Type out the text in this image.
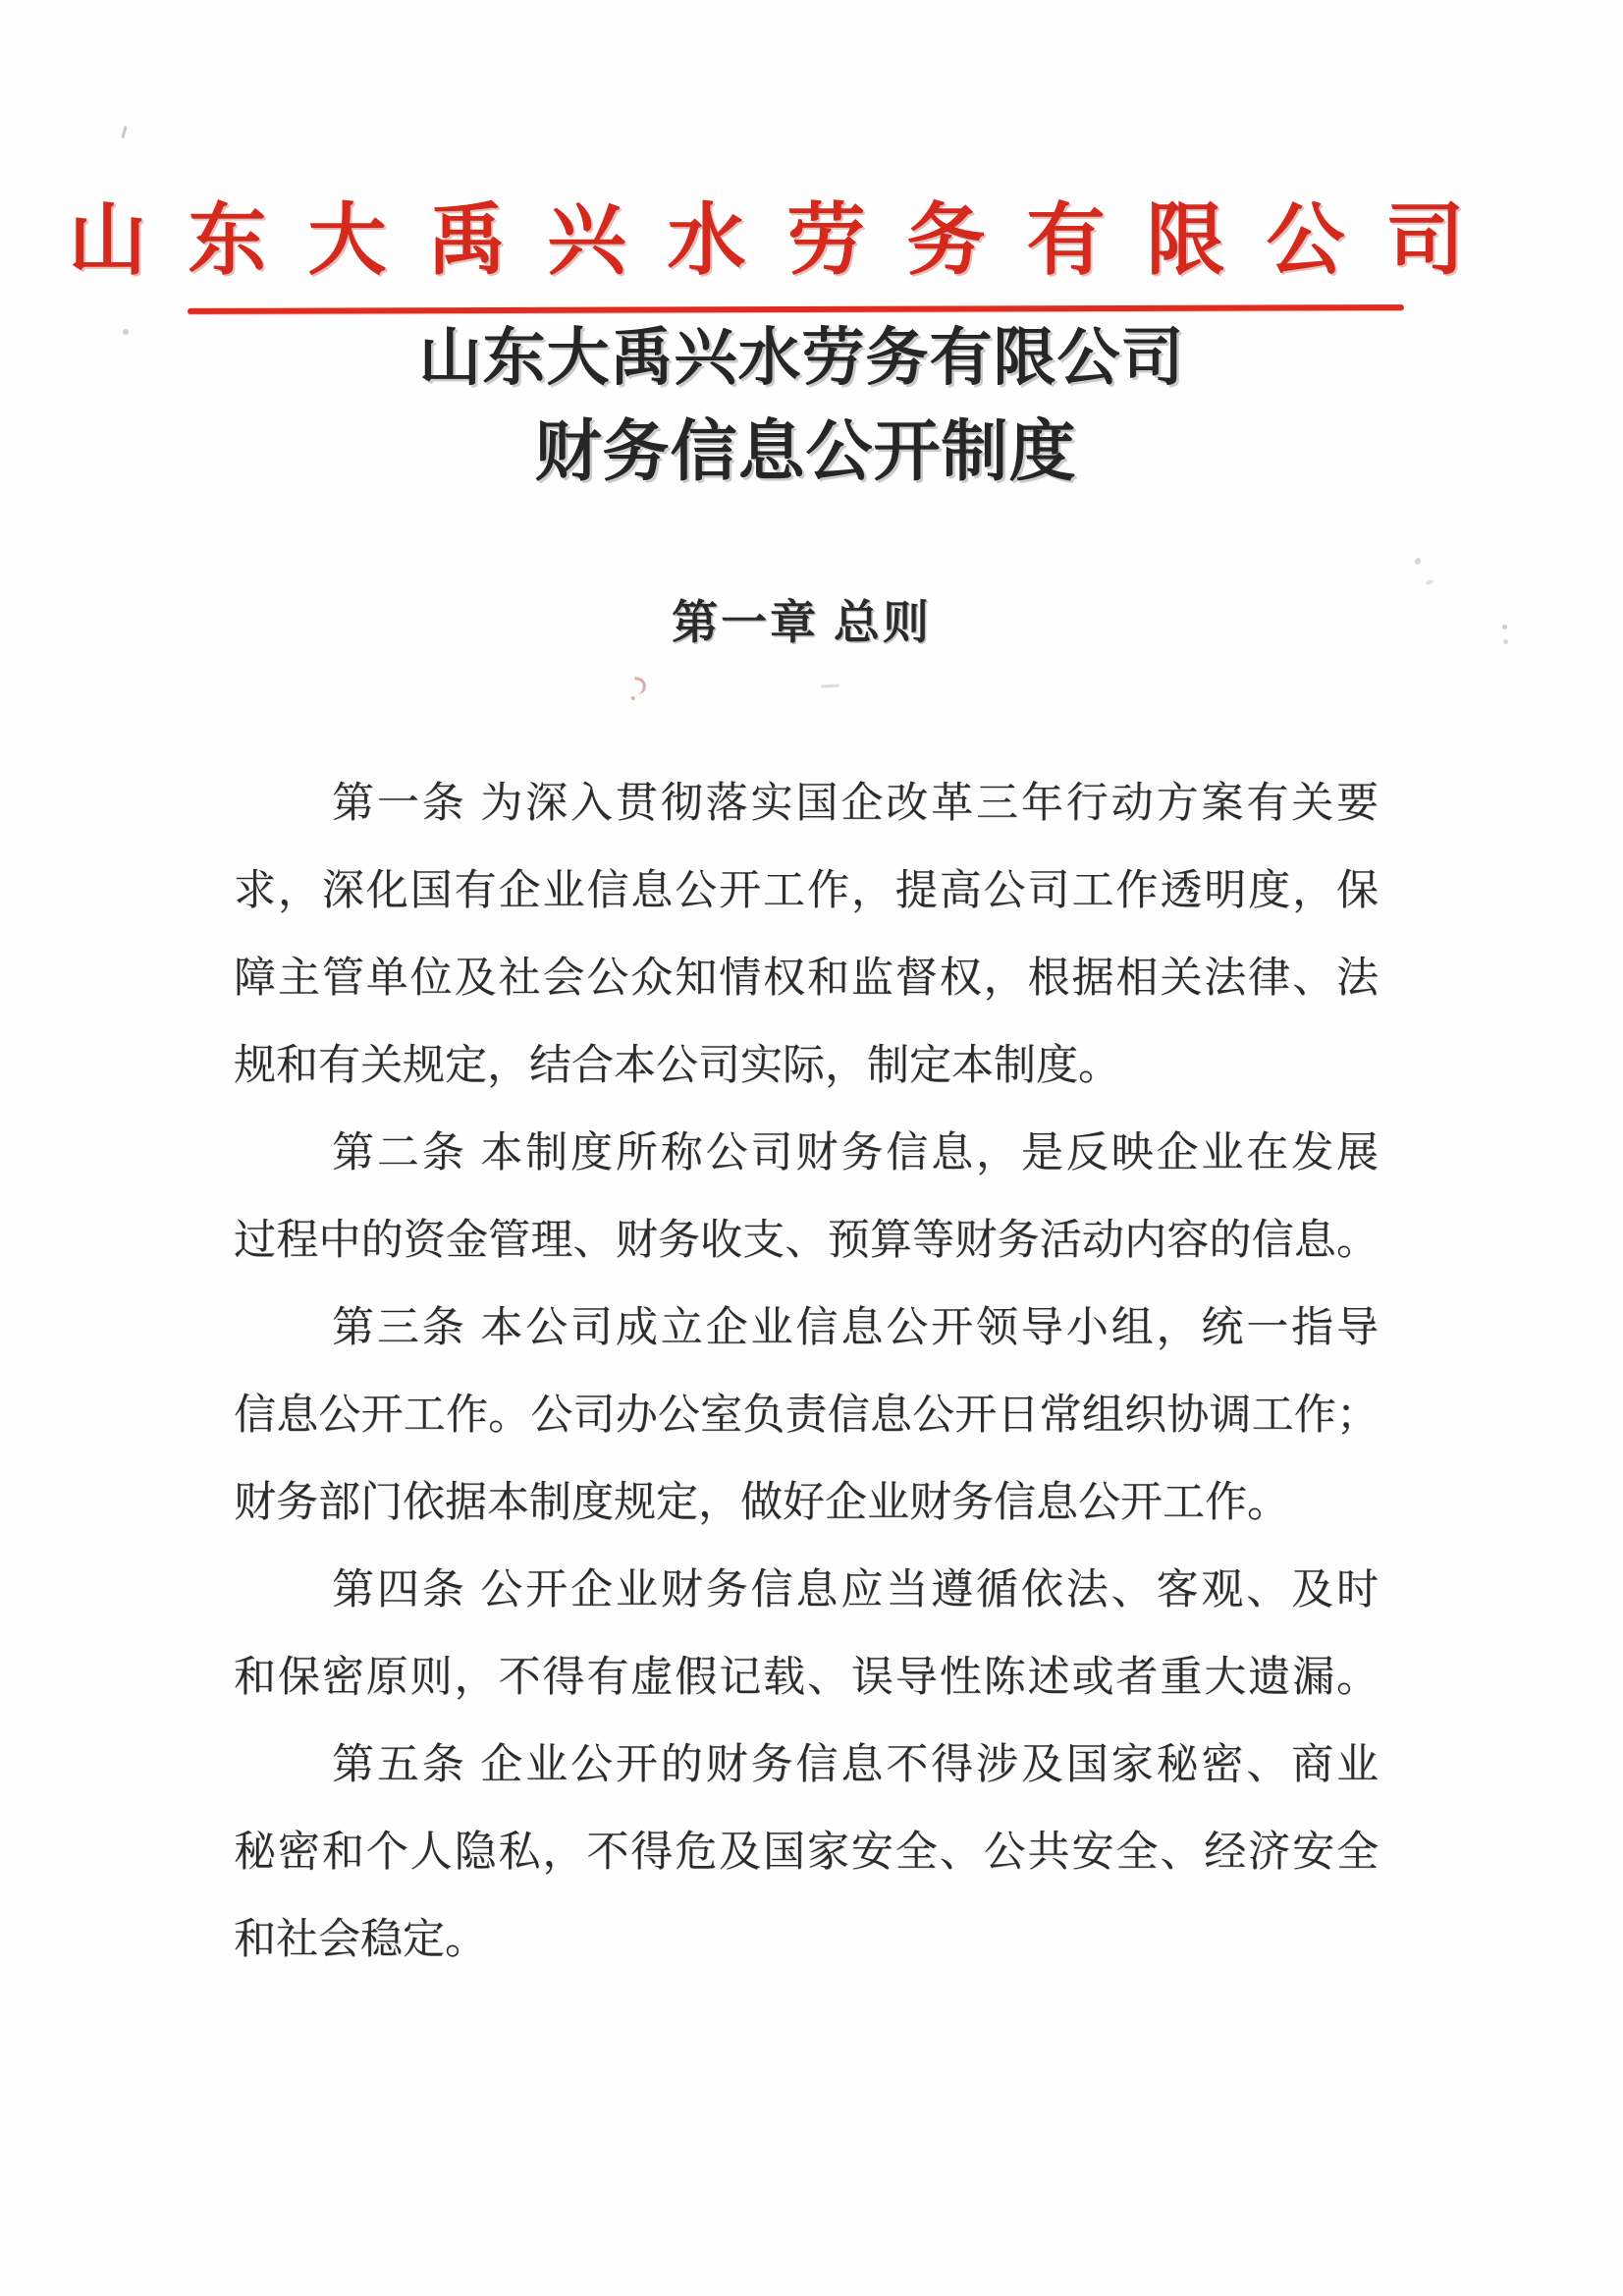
山东大禹兴水劳务有限公司
山东大禹兴水劳务有限公司
财务信息公开制度
第一章 总则
第一条 为深入贯彻落实国企改革三年行动方案有关要
求，深化国有企业信息公开工作，提高公司工作透明度，保
障主管单位及社会公众知情权和监督权，根据相关法律、法
规和有关规定，结合本公司实际，制定本制度。
第二条 本制度所称公司财务信息，是反映企业在发展
过程中的资金管理、财务收支、预算等财务活动内容的信息。
第三条 本公司成立企业信息公开领导小组，统一指导
信息公开工作。公司办公室负责信息公开日常组织协调工作；
财务部门依据本制度规定，做好企业财务信息公开工作。
第四条 公开企业财务信息应当遵循依法、客观、及时
和保密原则，不得有虚假记载、误导性陈述或者重大遗漏。
第五条 企业公开的财务信息不得涉及国家秘密、商业
秘密和个人隐私，不得危及国家安全、公共安全、经济安全
和社会稳定。
